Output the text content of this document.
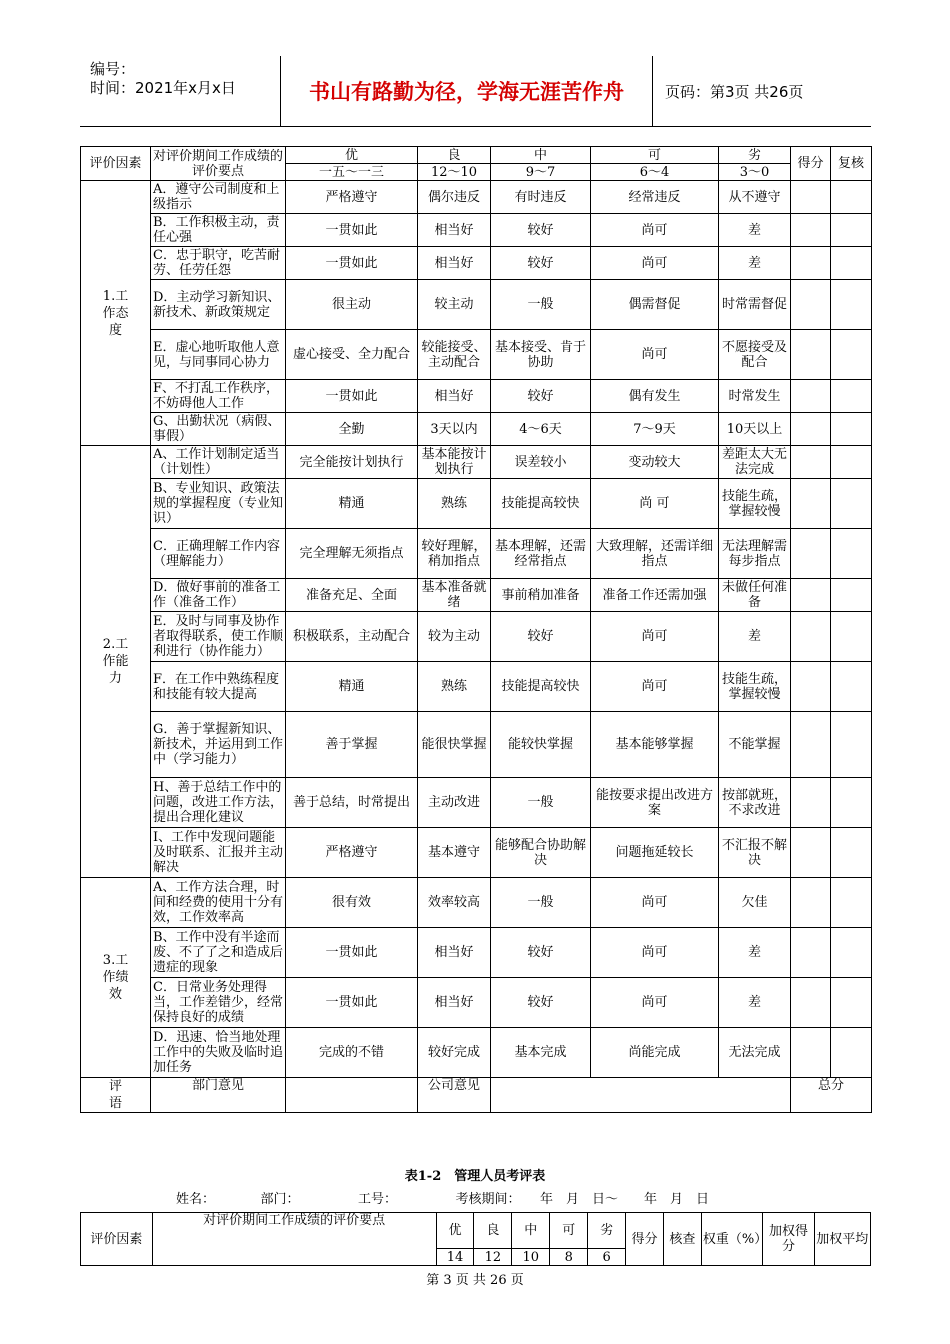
编号：
时间：2021年x月x日	书山有路勤为径，学海无涯苦作舟	页码：第3页 共26页
评价因素	对评价期间工作成绩的评价要点	优	良	中	可	劣	得分	复核
		一五～一三	12～10	9～7	6～4	3～0		
1.工作态度	A．遵守公司制度和上级指示	严格遵守	偶尔违反	有时违反	经常违反	从不遵守		
	B．工作积极主动，责任心强	一贯如此	相当好	较好	尚可	差		
	C．忠于职守，吃苦耐劳、任劳任怨	一贯如此	相当好	较好	尚可	差		
	D．主动学习新知识、新技术、新政策规定	很主动	较主动	一般	偶需督促	时常需督促		
	E．虚心地听取他人意见，与同事同心协力	虚心接受、全力配合	较能接受、主动配合	基本接受、肯于协助	尚可	不愿接受及配合		
	F、不打乱工作秩序，不妨碍他人工作	一贯如此	相当好	较好	偶有发生	时常发生		
	G、出勤状况（病假、事假）	全勤	3天以内	4～6天	7～9天	10天以上		
2.工作能力	A、工作计划制定适当（计划性）	完全能按计划执行	基本能按计划执行	误差较小	变动较大	差距太大无法完成		
	B、专业知识、政策法规的掌握程度（专业知识）	精通	熟练	技能提高较快	尚 可	技能生疏，掌握较慢		
	C．正确理解工作内容（理解能力）	完全理解无须指点	较好理解，稍加指点	基本理解，还需经常指点	大致理解，还需详细指点	无法理解需每步指点		
	D．做好事前的准备工作（准备工作）	准备充足、全面	基本准备就绪	事前稍加准备	准备工作还需加强	未做任何准备		
	E．及时与同事及协作者取得联系，使工作顺利进行（协作能力）	积极联系，主动配合	较为主动	较好	尚可	差		
	F．在工作中熟练程度和技能有较大提高	精通	熟练	技能提高较快	尚可	技能生疏，掌握较慢		
	G．善于掌握新知识、新技术，并运用到工作中（学习能力）	善于掌握	能很快掌握	能较快掌握	基本能够掌握	不能掌握		
	H、善于总结工作中的问题，改进工作方法，提出合理化建议	善于总结，时常提出	主动改进	一般	能按要求提出改进方案	按部就班，不求改进		
	I、工作中发现问题能及时联系、汇报并主动解决	严格遵守	基本遵守	能够配合协助解决	问题拖延较长	不汇报不解决		
3.工作绩效	A、工作方法合理，时间和经费的使用十分有效，工作效率高	很有效	效率较高	一般	尚可	欠佳		
	B、工作中没有半途而废、不了了之和造成后遗症的现象	一贯如此	相当好	较好	尚可	差		
	C．日常业务处理得当，工作差错少，经常保持良好的成绩	一贯如此	相当好	较好	尚可	差		
	D．迅速、恰当地处理工作中的失败及临时追加任务	完成的不错	较好完成	基本完成	尚能完成	无法完成		
评语	部门意见		公司意见				总分	
表1-2　管理人员考评表
姓名：　　　　部门：　　　　　工号：　　　　　考核期间：　　年　月　日～　　年　月　日
评价因素	对评价期间工作成绩的评价要点	优	良	中	可	劣	得分	核查	权重（%）	加权得分	加权平均
		14	12	10	8	6					
第 3 页 共 26 页
